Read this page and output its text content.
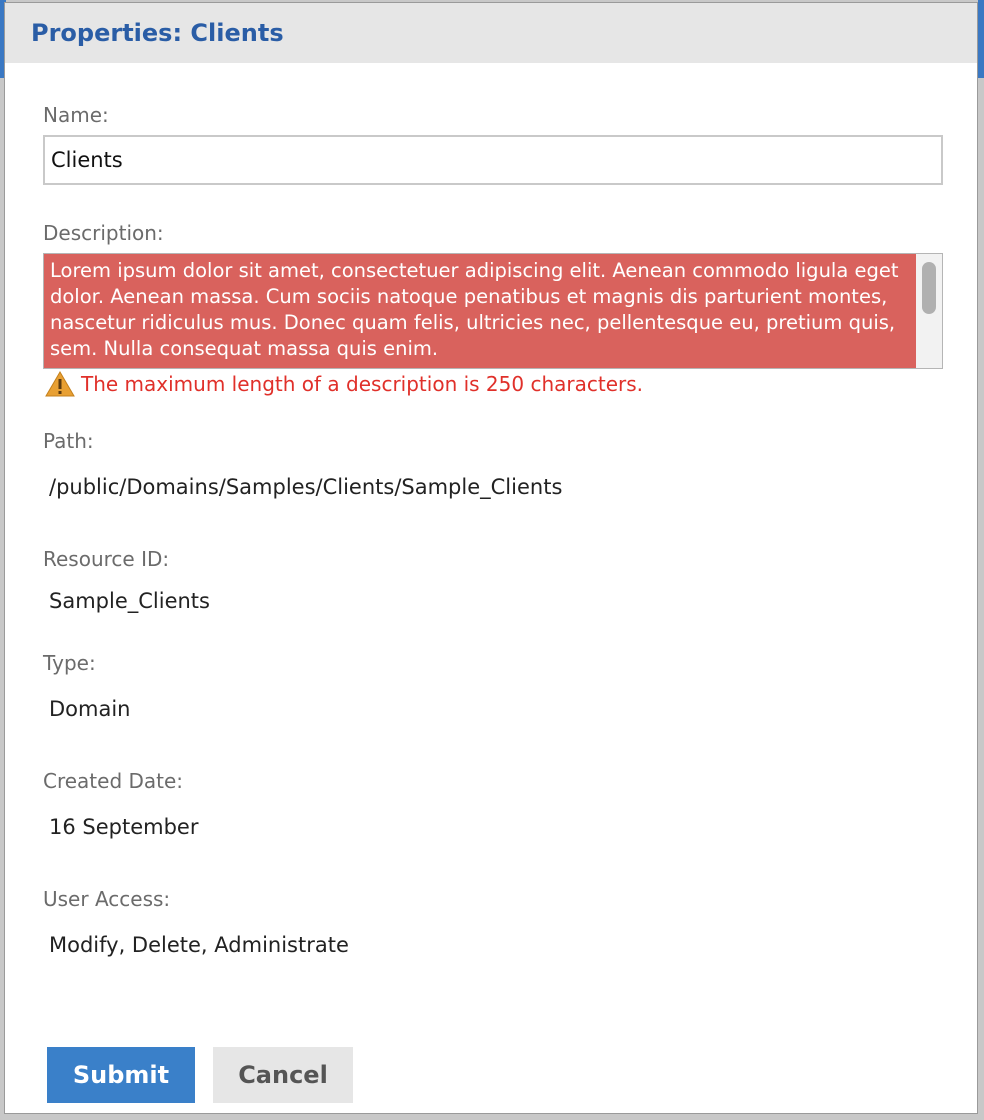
Properties: Clients
Name:
Clients
Description:
Lorem ipsum dolor sit amet, consectetuer adipiscing elit. Aenean commodo ligula eget dolor. Aenean massa. Cum sociis natoque penatibus et magnis dis parturient montes, nascetur ridiculus mus. Donec quam felis, ultricies nec, pellentesque eu, pretium quis, sem. Nulla consequat massa quis enim.
The maximum length of a description is 250 characters.
Path:
/public/Domains/Samples/Clients/Sample_Clients
Resource ID:
Sample_Clients
Type:
Domain
Created Date:
16 September
User Access:
Modify, Delete, Administrate
Submit	Cancel
